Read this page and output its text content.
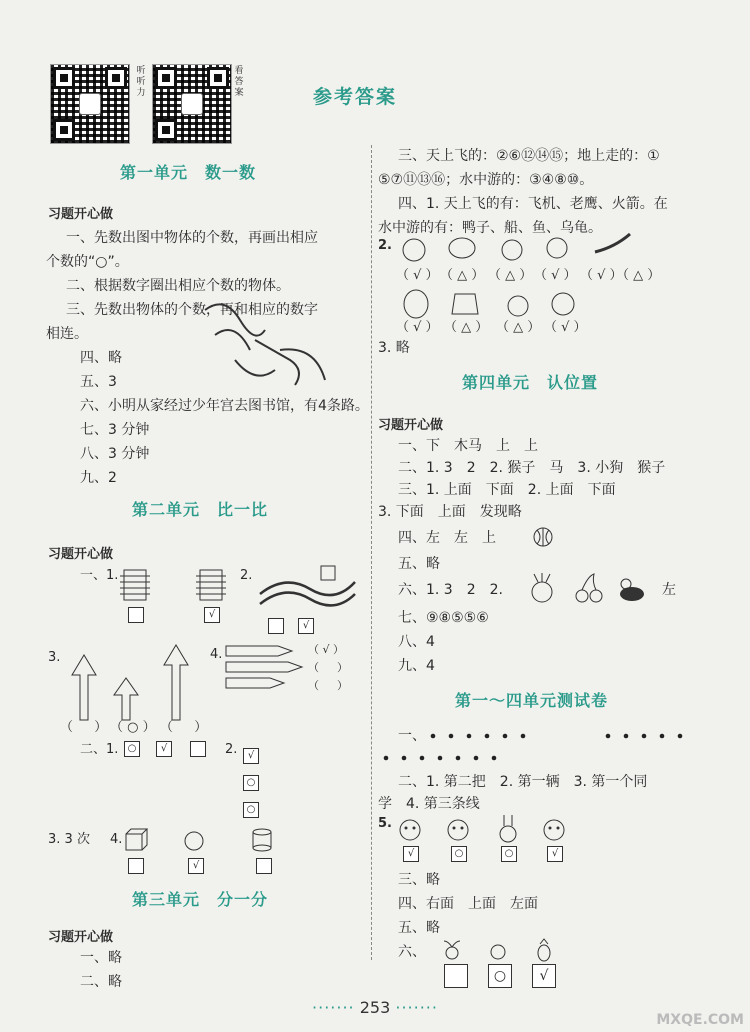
听听力
看答案	参考答案
第一单元　数一数
习题开心做
一、先数出图中物体的个数，再画出相应
个数的“○”。
二、根据数字圈出相应个数的物体。
三、先数出物体的个数，再和相应的数字
相连。
四、略
五、3
六、小明从家经过少年宫去图书馆，有4条路。
七、3 分钟
八、3 分钟
九、2
第二单元　比一比
习题开心做
一、1.
√
2.
√
3.
（ 　 ） （ ○ ） （ 　 ）
4.	（ √ ）
（ 　 ）
（ 　 ）
二、1. ○	√	2.	√
○
○
3. 3 次 4.
√
第三单元　分一分
习题开心做
一、略
二、略
三、天上飞的：②⑥⑫⑭⑮；地上走的：①
⑤⑦⑪⑬⑯；水中游的：③④⑧⑩。
四、1. 天上飞的有：飞机、老鹰、火箭。在
水中游的有：鸭子、船、鱼、乌龟。
2.
（ √ ） （ △ ） （ △ ） （ √ ） （ √ ）
（ △ ）
（ √ ） （ △ ） （ △ ） （ √ ）
3. 略
第四单元　认位置
习题开心做
一、下　木马　上　上
二、1. 3　2　2. 猴子　马　3. 小狗　猴子
三、1. 上面　下面　2. 上面　下面
3. 下面　上面　发现略
四、左　左　上
五、略
六、1. 3　2　2.	左
七、⑨⑧⑤⑤⑥
八、4
九、4
第一～四单元测试卷
一、
二、1. 第二把　2. 第一辆　3. 第一个同
学　4. 第三条线
5.
√	○	○	√
三、略
四、右面　上面　左面
五、略
六、
○	√
······· 253 ·······
MXQE.COM
